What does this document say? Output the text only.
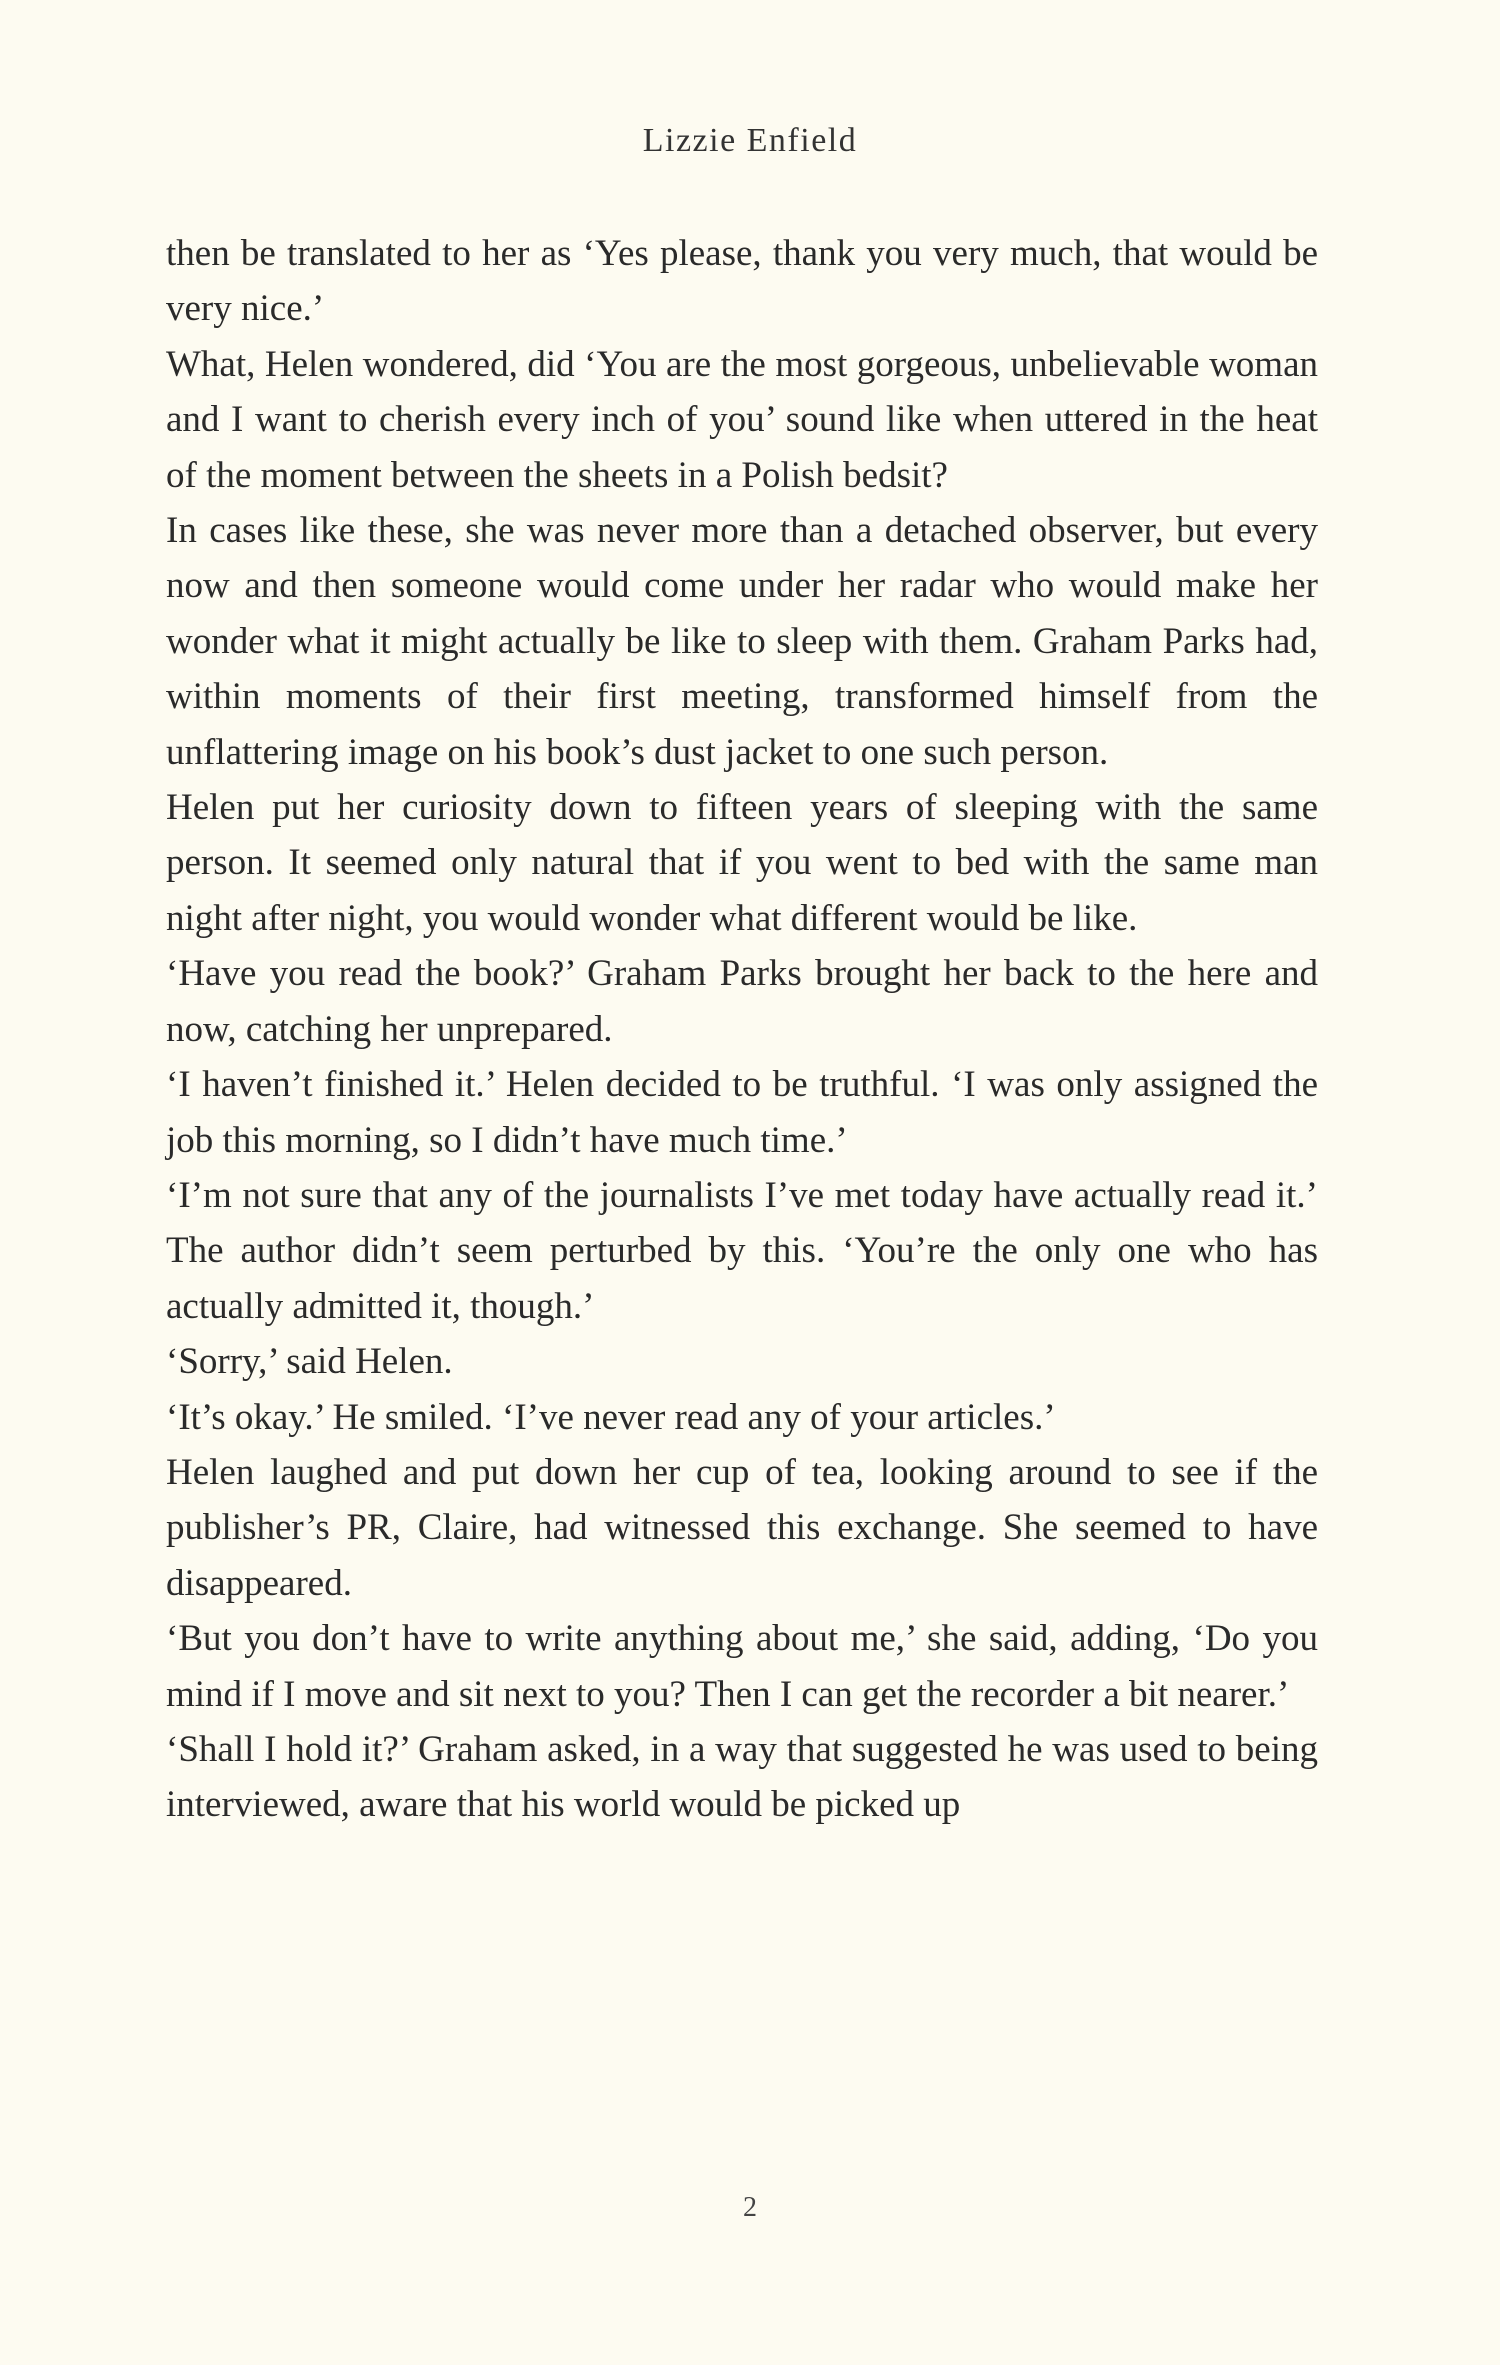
Lizzie Enfield

then be translated to her as ‘Yes please, thank you very much, that would be very nice.’

What, Helen wondered, did ‘You are the most gorgeous, unbelievable woman and I want to cherish every inch of you’ sound like when uttered in the heat of the moment between the sheets in a Polish bedsit?

In cases like these, she was never more than a detached observer, but every now and then someone would come under her radar who would make her wonder what it might actually be like to sleep with them. Graham Parks had, within moments of their first meeting, transformed himself from the unflattering image on his book’s dust jacket to one such person.

Helen put her curiosity down to fifteen years of sleeping with the same person. It seemed only natural that if you went to bed with the same man night after night, you would wonder what different would be like.

‘Have you read the book?’ Graham Parks brought her back to the here and now, catching her unprepared.

‘I haven’t finished it.’ Helen decided to be truthful. ‘I was only assigned the job this morning, so I didn’t have much time.’

‘I’m not sure that any of the journalists I’ve met today have actually read it.’ The author didn’t seem perturbed by this. ‘You’re the only one who has actually admitted it, though.’

‘Sorry,’ said Helen.

‘It’s okay.’ He smiled. ‘I’ve never read any of your articles.’

Helen laughed and put down her cup of tea, looking around to see if the publisher’s PR, Claire, had witnessed this exchange. She seemed to have disappeared.

‘But you don’t have to write anything about me,’ she said, adding, ‘Do you mind if I move and sit next to you? Then I can get the recorder a bit nearer.’

‘Shall I hold it?’ Graham asked, in a way that suggested he was used to being interviewed, aware that his world would be picked up

2
